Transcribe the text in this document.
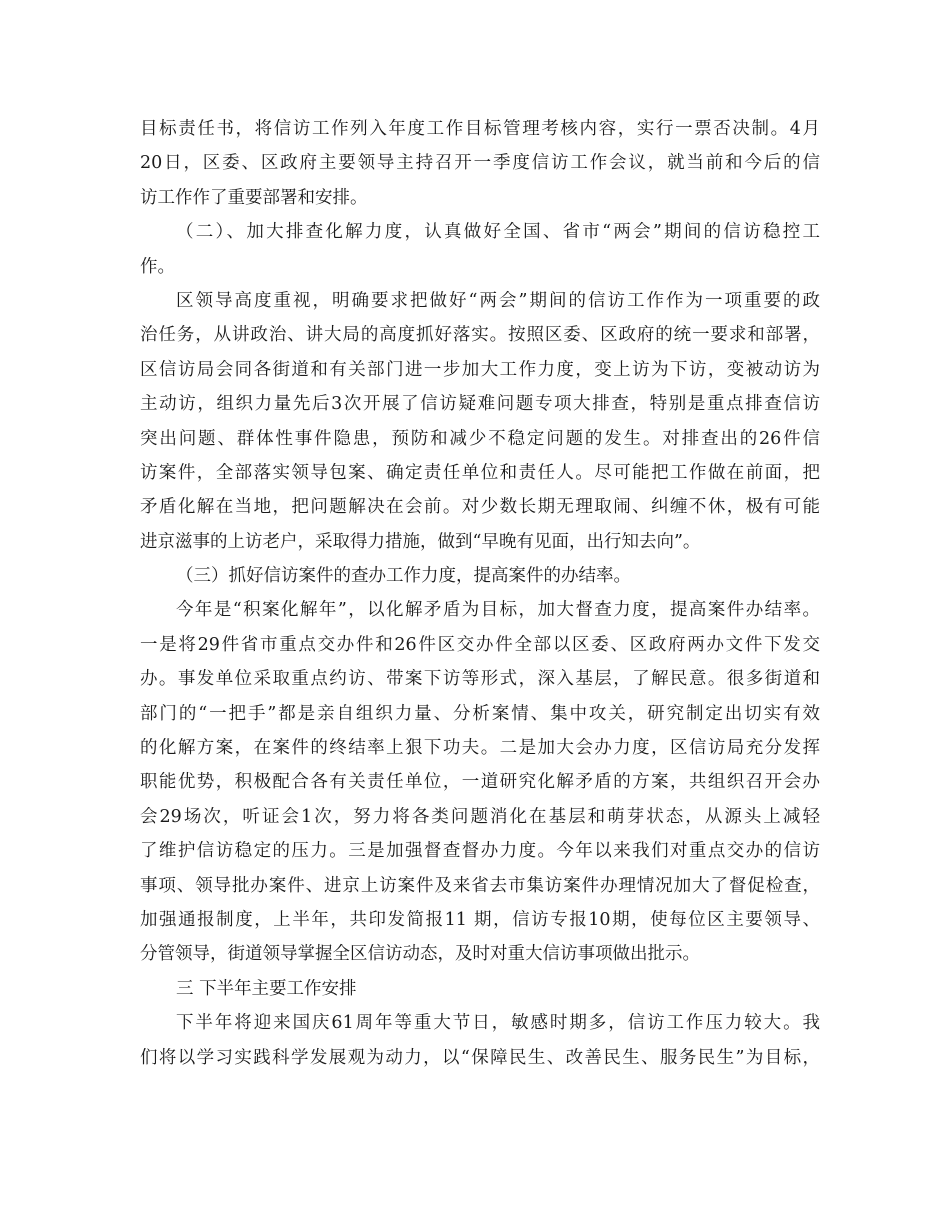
目标责任书，将信访工作列入年度工作目标管理考核内容，实行一票否决制。4月
20日，区委、区政府主要领导主持召开一季度信访工作会议，就当前和今后的信
访工作作了重要部署和安排。
（二）、加大排查化解力度，认真做好全国、省市“两会”期间的信访稳控工
作。
区领导高度重视，明确要求把做好“两会”期间的信访工作作为一项重要的政
治任务，从讲政治、讲大局的高度抓好落实。按照区委、区政府的统一要求和部署，
区信访局会同各街道和有关部门进一步加大工作力度，变上访为下访，变被动访为
主动访，组织力量先后3次开展了信访疑难问题专项大排查，特别是重点排查信访
突出问题、群体性事件隐患，预防和减少不稳定问题的发生。对排查出的26件信
访案件，全部落实领导包案、确定责任单位和责任人。尽可能把工作做在前面，把
矛盾化解在当地，把问题解决在会前。对少数长期无理取闹、纠缠不休，极有可能
进京滋事的上访老户，采取得力措施，做到“早晚有见面，出行知去向”。
（三）抓好信访案件的查办工作力度，提高案件的办结率。
今年是“积案化解年”，以化解矛盾为目标，加大督查力度，提高案件办结率。
一是将29件省市重点交办件和26件区交办件全部以区委、区政府两办文件下发交
办。事发单位采取重点约访、带案下访等形式，深入基层，了解民意。很多街道和
部门的“一把手”都是亲自组织力量、分析案情、集中攻关，研究制定出切实有效
的化解方案，在案件的终结率上狠下功夫。二是加大会办力度，区信访局充分发挥
职能优势，积极配合各有关责任单位，一道研究化解矛盾的方案，共组织召开会办
会29场次，听证会1次，努力将各类问题消化在基层和萌芽状态，从源头上减轻
了维护信访稳定的压力。三是加强督查督办力度。今年以来我们对重点交办的信访
事项、领导批办案件、进京上访案件及来省去市集访案件办理情况加大了督促检查，
加强通报制度，上半年，共印发简报11 期，信访专报10期，使每位区主要领导、
分管领导，街道领导掌握全区信访动态，及时对重大信访事项做出批示。
三 下半年主要工作安排
下半年将迎来国庆61周年等重大节日，敏感时期多，信访工作压力较大。我
们将以学习实践科学发展观为动力，以“保障民生、改善民生、服务民生”为目标，
